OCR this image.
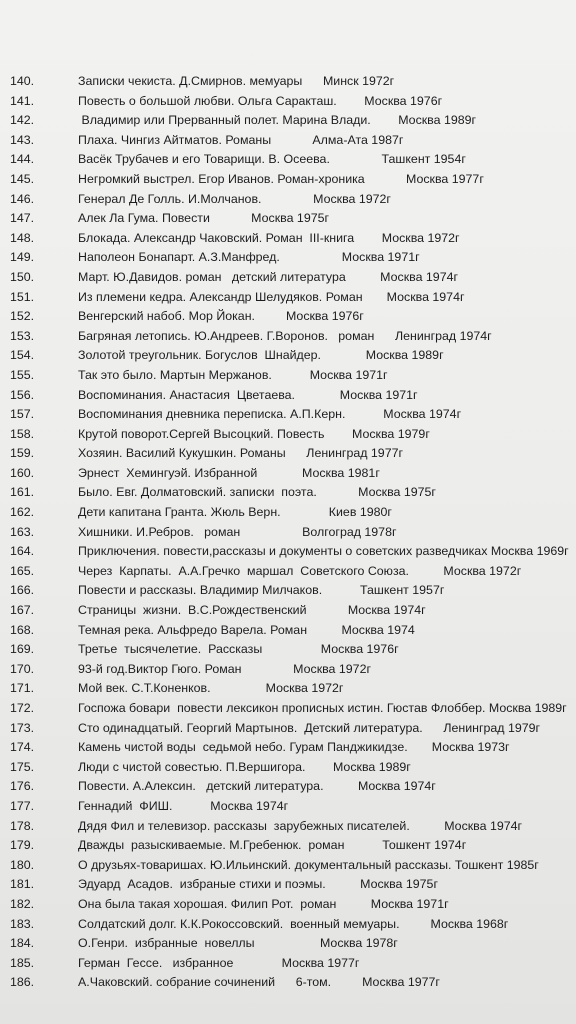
140.	Записки чекиста. Д.Смирнов. мемуары      Минск 1972г
141.	Повесть о большой любви. Ольга Саракташ.        Москва 1976г
142.	Владимир или Прерванный полет. Марина Влади.        Москва 1989г
143.	Плаха. Чингиз Айтматов. Романы            Алма-Ата 1987г
144.	Васёк Трубачев и его Товарищи. В. Осеева.               Ташкент 1954г
145.	Негромкий выстрел. Егор Иванов. Роман-хроника            Москва 1977г
146.	Генерал Де Голль. И.Молчанов.               Москва 1972г
147.	Алек Ла Гума. Повести            Москва 1975г
148.	Блокада. Александр Чаковский. Роман  III-книга        Москва 1972г
149.	Наполеон Бонапарт. А.З.Манфред.                  Москва 1971г
150.	Март. Ю.Давидов. роман   детский литература          Москва 1974г
151.	Из племени кедра. Александр Шелудяков. Роман       Москва 1974г
152.	Венгерский набоб. Мор Йокан.         Москва 1976г
153.	Багряная летопись. Ю.Андреев. Г.Воронов.   роман      Ленинград 1974г
154.	Золотой треугольник. Богуслов  Шнайдер.             Москва 1989г
155.	Так это было. Мартын Мержанов.           Москва 1971г
156.	Воспоминания. Анастасия  Цветаева.             Москва 1971г
157.	Воспоминания дневника переписка. А.П.Керн.           Москва 1974г
158.	Крутой поворот.Сергей Высоцкий. Повесть        Москва 1979г
159.	Хозяин. Василий Кукушкин. Романы      Ленинград 1977г
160.	Эрнест  Хемингуэй. Избранной             Москва 1981г
161.	Было. Евг. Долматовский. записки  поэта.            Москва 1975г
162.	Дети капитана Гранта. Жюль Верн.              Киев 1980г
163.	Хишники. И.Ребров.   роман                  Волгоград 1978г
164.	Приключения. повести,рассказы и документы о советских разведчиках Москва 1969г
165.	Через  Карпаты.  А.А.Гречко  маршал  Советского Союза.          Москва 1972г
166.	Повести и рассказы. Владимир Милчаков.           Ташкент 1957г
167.	Страницы  жизни.  В.С.Рождественский            Москва 1974г
168.	Темная река. Альфредо Варела. Роман          Москва 1974
169.	Третье  тысячелетие.  Рассказы                 Москва 1976г
170.	93-й год.Виктор Гюго. Роман               Москва 1972г
171.	Мой век. С.Т.Коненков.                Москва 1972г
172.	Госпожа бовари  повести лексикон прописных истин. Гюстав Флоббер. Москва 1989г
173.	Сто одинадцатый. Георгий Мартынов.  Детский литература.      Ленинград 1979г
174.	Камень чистой воды  седьмой небо. Гурам Панджикидзе.       Москва 1973г
175.	Люди с чистой совестью. П.Вершигора.        Москва 1989г
176.	Повести. А.Алексин.   детский литература.          Москва 1974г
177.	Геннадий  ФИШ.           Москва 1974г
178.	Дядя Фил и телевизор. рассказы  зарубежных писателей.          Москва 1974г
179.	Дважды  разыскиваемые. М.Гребенюк.  роман           Тошкент 1974г
180.	О друзьях-товаришах. Ю.Ильинский. документальный рассказы. Тошкент 1985г
181.	Эдуард  Асадов.  избраные стихи и поэмы.          Москва 1975г
182.	Она была такая хорошая. Филип Рот.  роман          Москва 1971г
183.	Солдатский долг. К.К.Рокоссовский.  военный мемуары.         Москва 1968г
184.	О.Генри.  избранные  новеллы                   Москва 1978г
185.	Герман  Гессе.   избранное              Москва 1977г
186.	А.Чаковский. собрание сочинений      6-том.         Москва 1977г
